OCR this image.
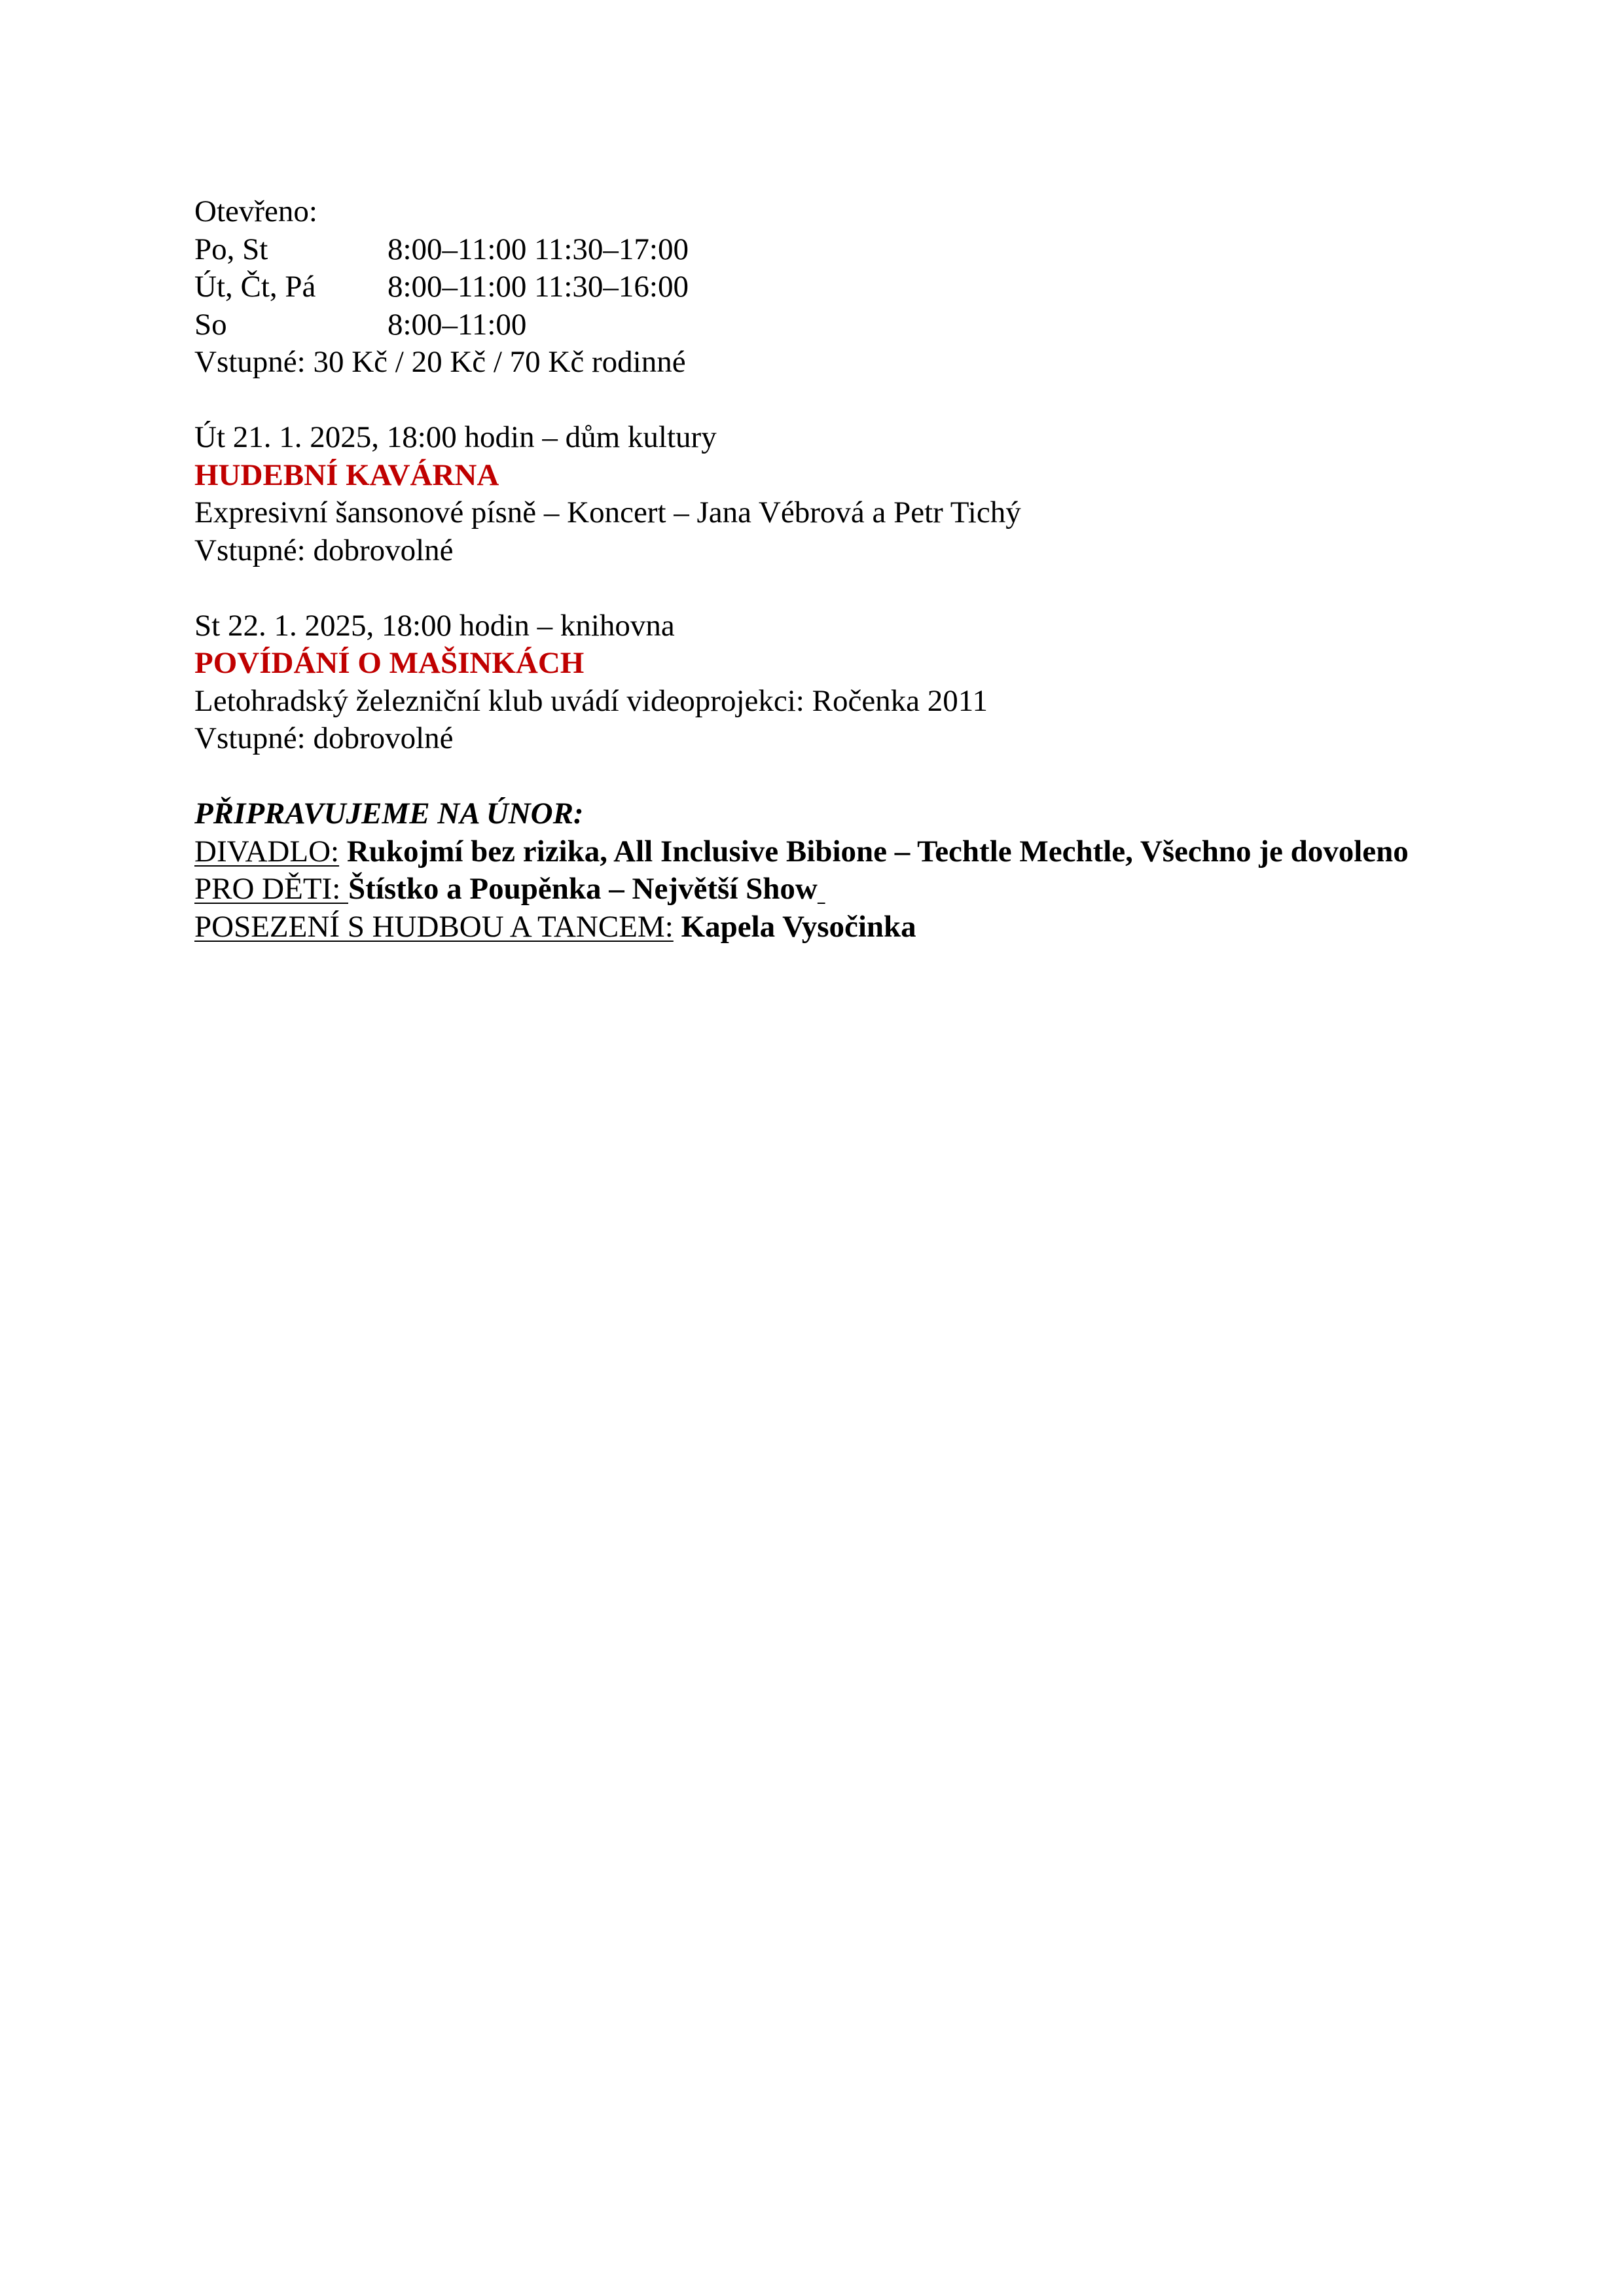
Otevřeno:
Po, St	8:00–11:00 11:30–17:00
Út, Čt, Pá	8:00–11:00 11:30–16:00
So	8:00–11:00
Vstupné: 30 Kč / 20 Kč / 70 Kč rodinné
Út 21. 1. 2025, 18:00 hodin – dům kultury
HUDEBNÍ KAVÁRNA
Expresivní šansonové písně – Koncert – Jana Vébrová a Petr Tichý
Vstupné: dobrovolné
St 22. 1. 2025, 18:00 hodin – knihovna
POVÍDÁNÍ O MAŠINKÁCH
Letohradský železniční klub uvádí videoprojekci: Ročenka 2011
Vstupné: dobrovolné
PŘIPRAVUJEME NA ÚNOR:
DIVADLO: Rukojmí bez rizika, All Inclusive Bibione – Techtle Mechtle, Všechno je dovoleno
PRO DĚTI: Štístko a Poupěnka – Největší Show
POSEZENÍ S HUDBOU A TANCEM: Kapela Vysočinka
